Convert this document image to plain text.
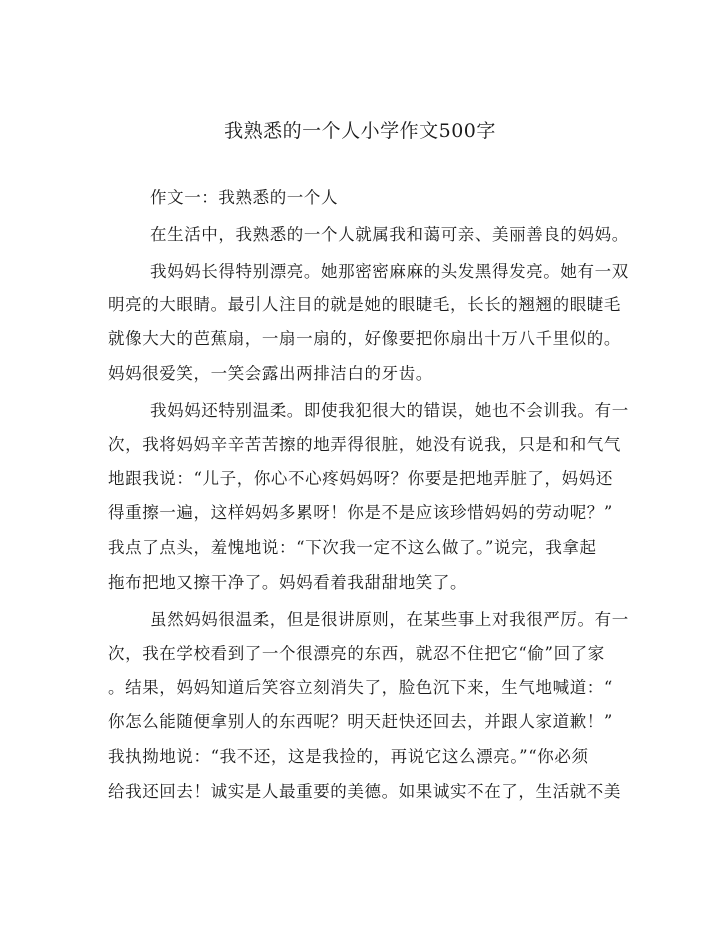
我熟悉的一个人小学作文500字
作文一：我熟悉的一个人
在生活中，我熟悉的一个人就属我和蔼可亲、美丽善良的妈妈。
我妈妈长得特别漂亮。她那密密麻麻的头发黑得发亮。她有一双
明亮的大眼睛。最引人注目的就是她的眼睫毛，长长的翘翘的眼睫毛
就像大大的芭蕉扇，一扇一扇的，好像要把你扇出十万八千里似的。
妈妈很爱笑，一笑会露出两排洁白的牙齿。
我妈妈还特别温柔。即使我犯很大的错误，她也不会训我。有一
次，我将妈妈辛辛苦苦擦的地弄得很脏，她没有说我，只是和和气气
地跟我说：“儿子，你心不心疼妈妈呀？你要是把地弄脏了，妈妈还
得重擦一遍，这样妈妈多累呀！你是不是应该珍惜妈妈的劳动呢？”
我点了点头，羞愧地说：“下次我一定不这么做了。”说完，我拿起
拖布把地又擦干净了。妈妈看着我甜甜地笑了。
虽然妈妈很温柔，但是很讲原则，在某些事上对我很严厉。有一
次，我在学校看到了一个很漂亮的东西，就忍不住把它“偷”回了家
。结果，妈妈知道后笑容立刻消失了，脸色沉下来，生气地喊道：“
你怎么能随便拿别人的东西呢？明天赶快还回去，并跟人家道歉！”
我执拗地说：“我不还，这是我捡的，再说它这么漂亮。”“你必须
给我还回去！诚实是人最重要的美德。如果诚实不在了，生活就不美
